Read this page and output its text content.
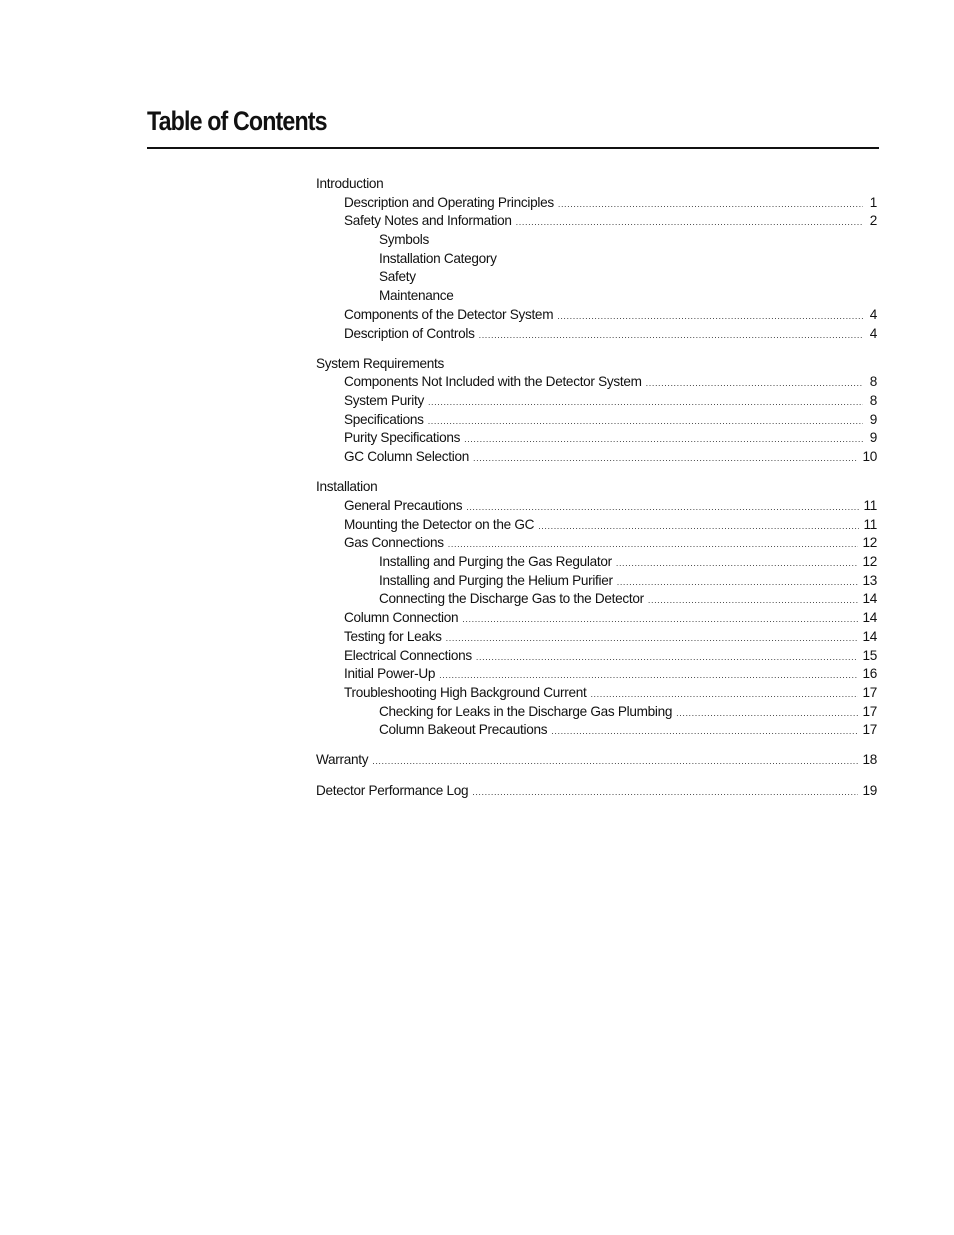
Table of Contents
Introduction
Description and Operating Principles .....	1
Safety Notes and Information .....	2
Symbols
Installation Category
Safety
Maintenance
Components of the Detector System .....	4
Description of Controls .....	4
System Requirements
Components Not Included with the Detector System .....	8
System Purity .....	8
Specifications .....	9
Purity Specifications .....	9
GC Column Selection .....	10
Installation
General Precautions .....	11
Mounting the Detector on the GC .....	11
Gas Connections .....	12
Installing and Purging the Gas Regulator .....	12
Installing and Purging the Helium Purifier .....	13
Connecting the Discharge Gas to the Detector .....	14
Column Connection .....	14
Testing for Leaks .....	14
Electrical Connections .....	15
Initial Power-Up .....	16
Troubleshooting High Background Current .....	17
Checking for Leaks in the Discharge Gas Plumbing .....	17
Column Bakeout Precautions .....	17
Warranty .....	18
Detector Performance Log .....	19
